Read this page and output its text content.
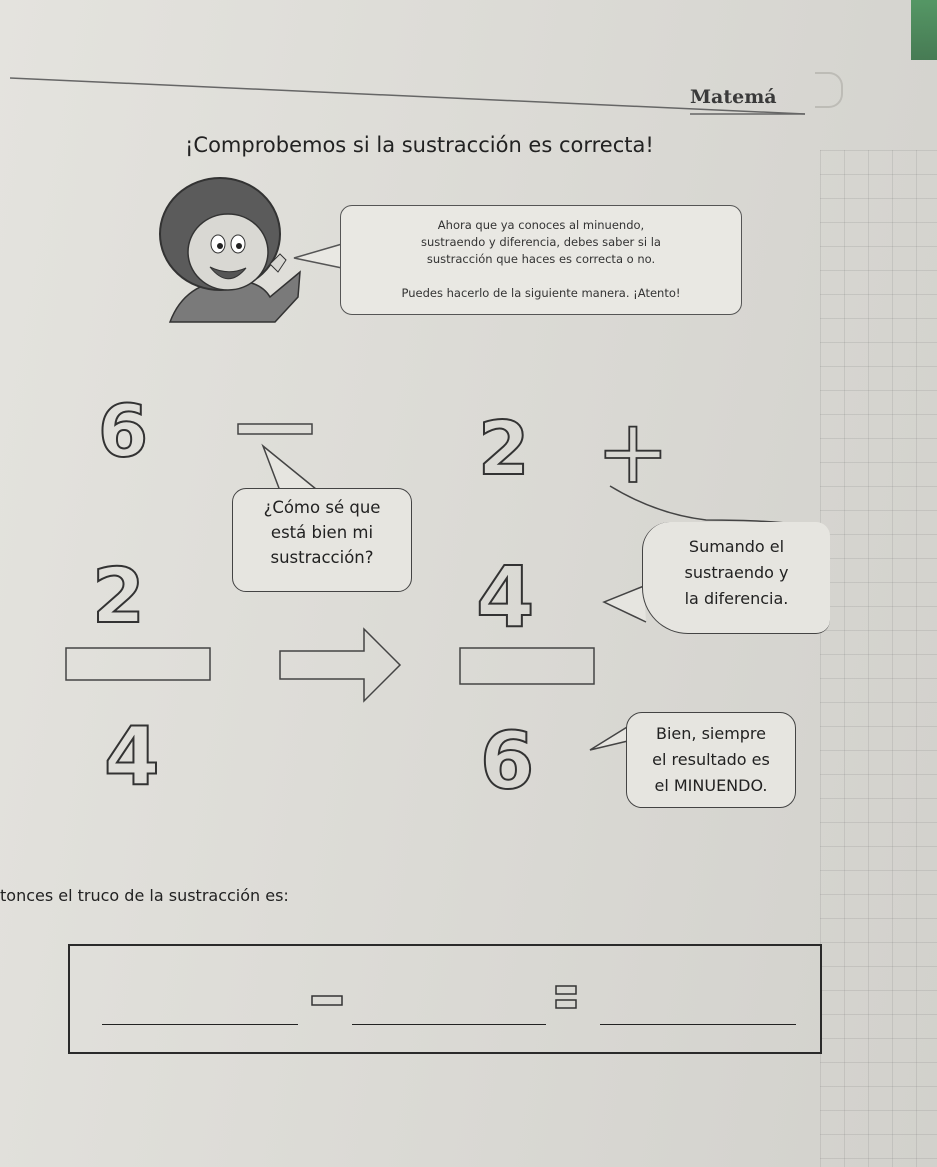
Matemá
¡Comprobemos si la sustracción es correcta!

Ahora que ya conoces al minuendo,

sustraendo y diferencia, debes saber si la

sustracción que haces es correcta o no.

Puedes hacerlo de la siguiente manera. ¡Atento!

6
2
4

¿Cómo sé que

está bien mi

sustracción?

2 +
4
6

Sumando el

sustraendo y

la diferencia.

Bien, siempre

el resultado es

el MINUENDO.

tonces el truco de la sustracción es:
